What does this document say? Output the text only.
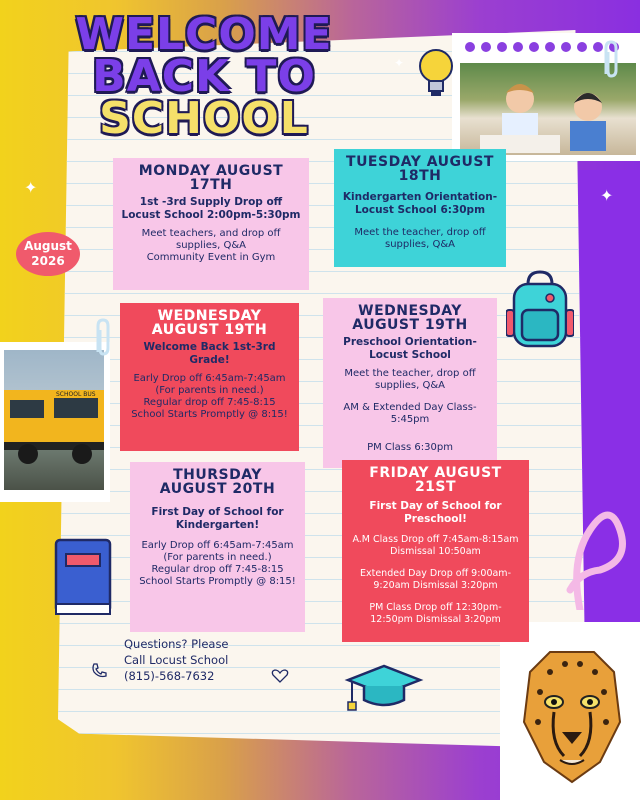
✦	✦
✦
WELCOME
BACK TO
SCHOOL
August 2026
SCHOOL BUS
MONDAY AUGUST 17TH
1st -3rd Supply Drop off Locust School 2:00pm-5:30pm

Meet teachers, and drop off supplies, Q&A

Community Event in Gym

TUESDAY AUGUST 18TH
Kindergarten Orientation-Locust School 6:30pm

Meet the teacher, drop off supplies, Q&A

WEDNESDAY AUGUST 19TH
Welcome Back 1st-3rd Grade!

Early Drop off 6:45am-7:45am (For parents in need.)

Regular drop off 7:45-8:15

School Starts Promptly @ 8:15!

WEDNESDAY AUGUST 19TH
Preschool Orientation-Locust School

Meet the teacher, drop off supplies, Q&A

AM & Extended Day Class-5:45pm

PM Class 6:30pm

THURSDAY AUGUST 20TH
First Day of School for Kindergarten!

Early Drop off 6:45am-7:45am

(For parents in need.)

Regular drop off 7:45-8:15

School Starts Promptly @ 8:15!

FRIDAY AUGUST 21ST
First Day of School for Preschool!

A.M Class Drop off 7:45am-8:15am Dismissal 10:50am

Extended Day Drop off 9:00am-9:20am Dismissal 3:20pm

PM Class Drop off 12:30pm-12:50pm Dismissal 3:20pm

Questions? Please
Call Locust School
(815)-568-7632
